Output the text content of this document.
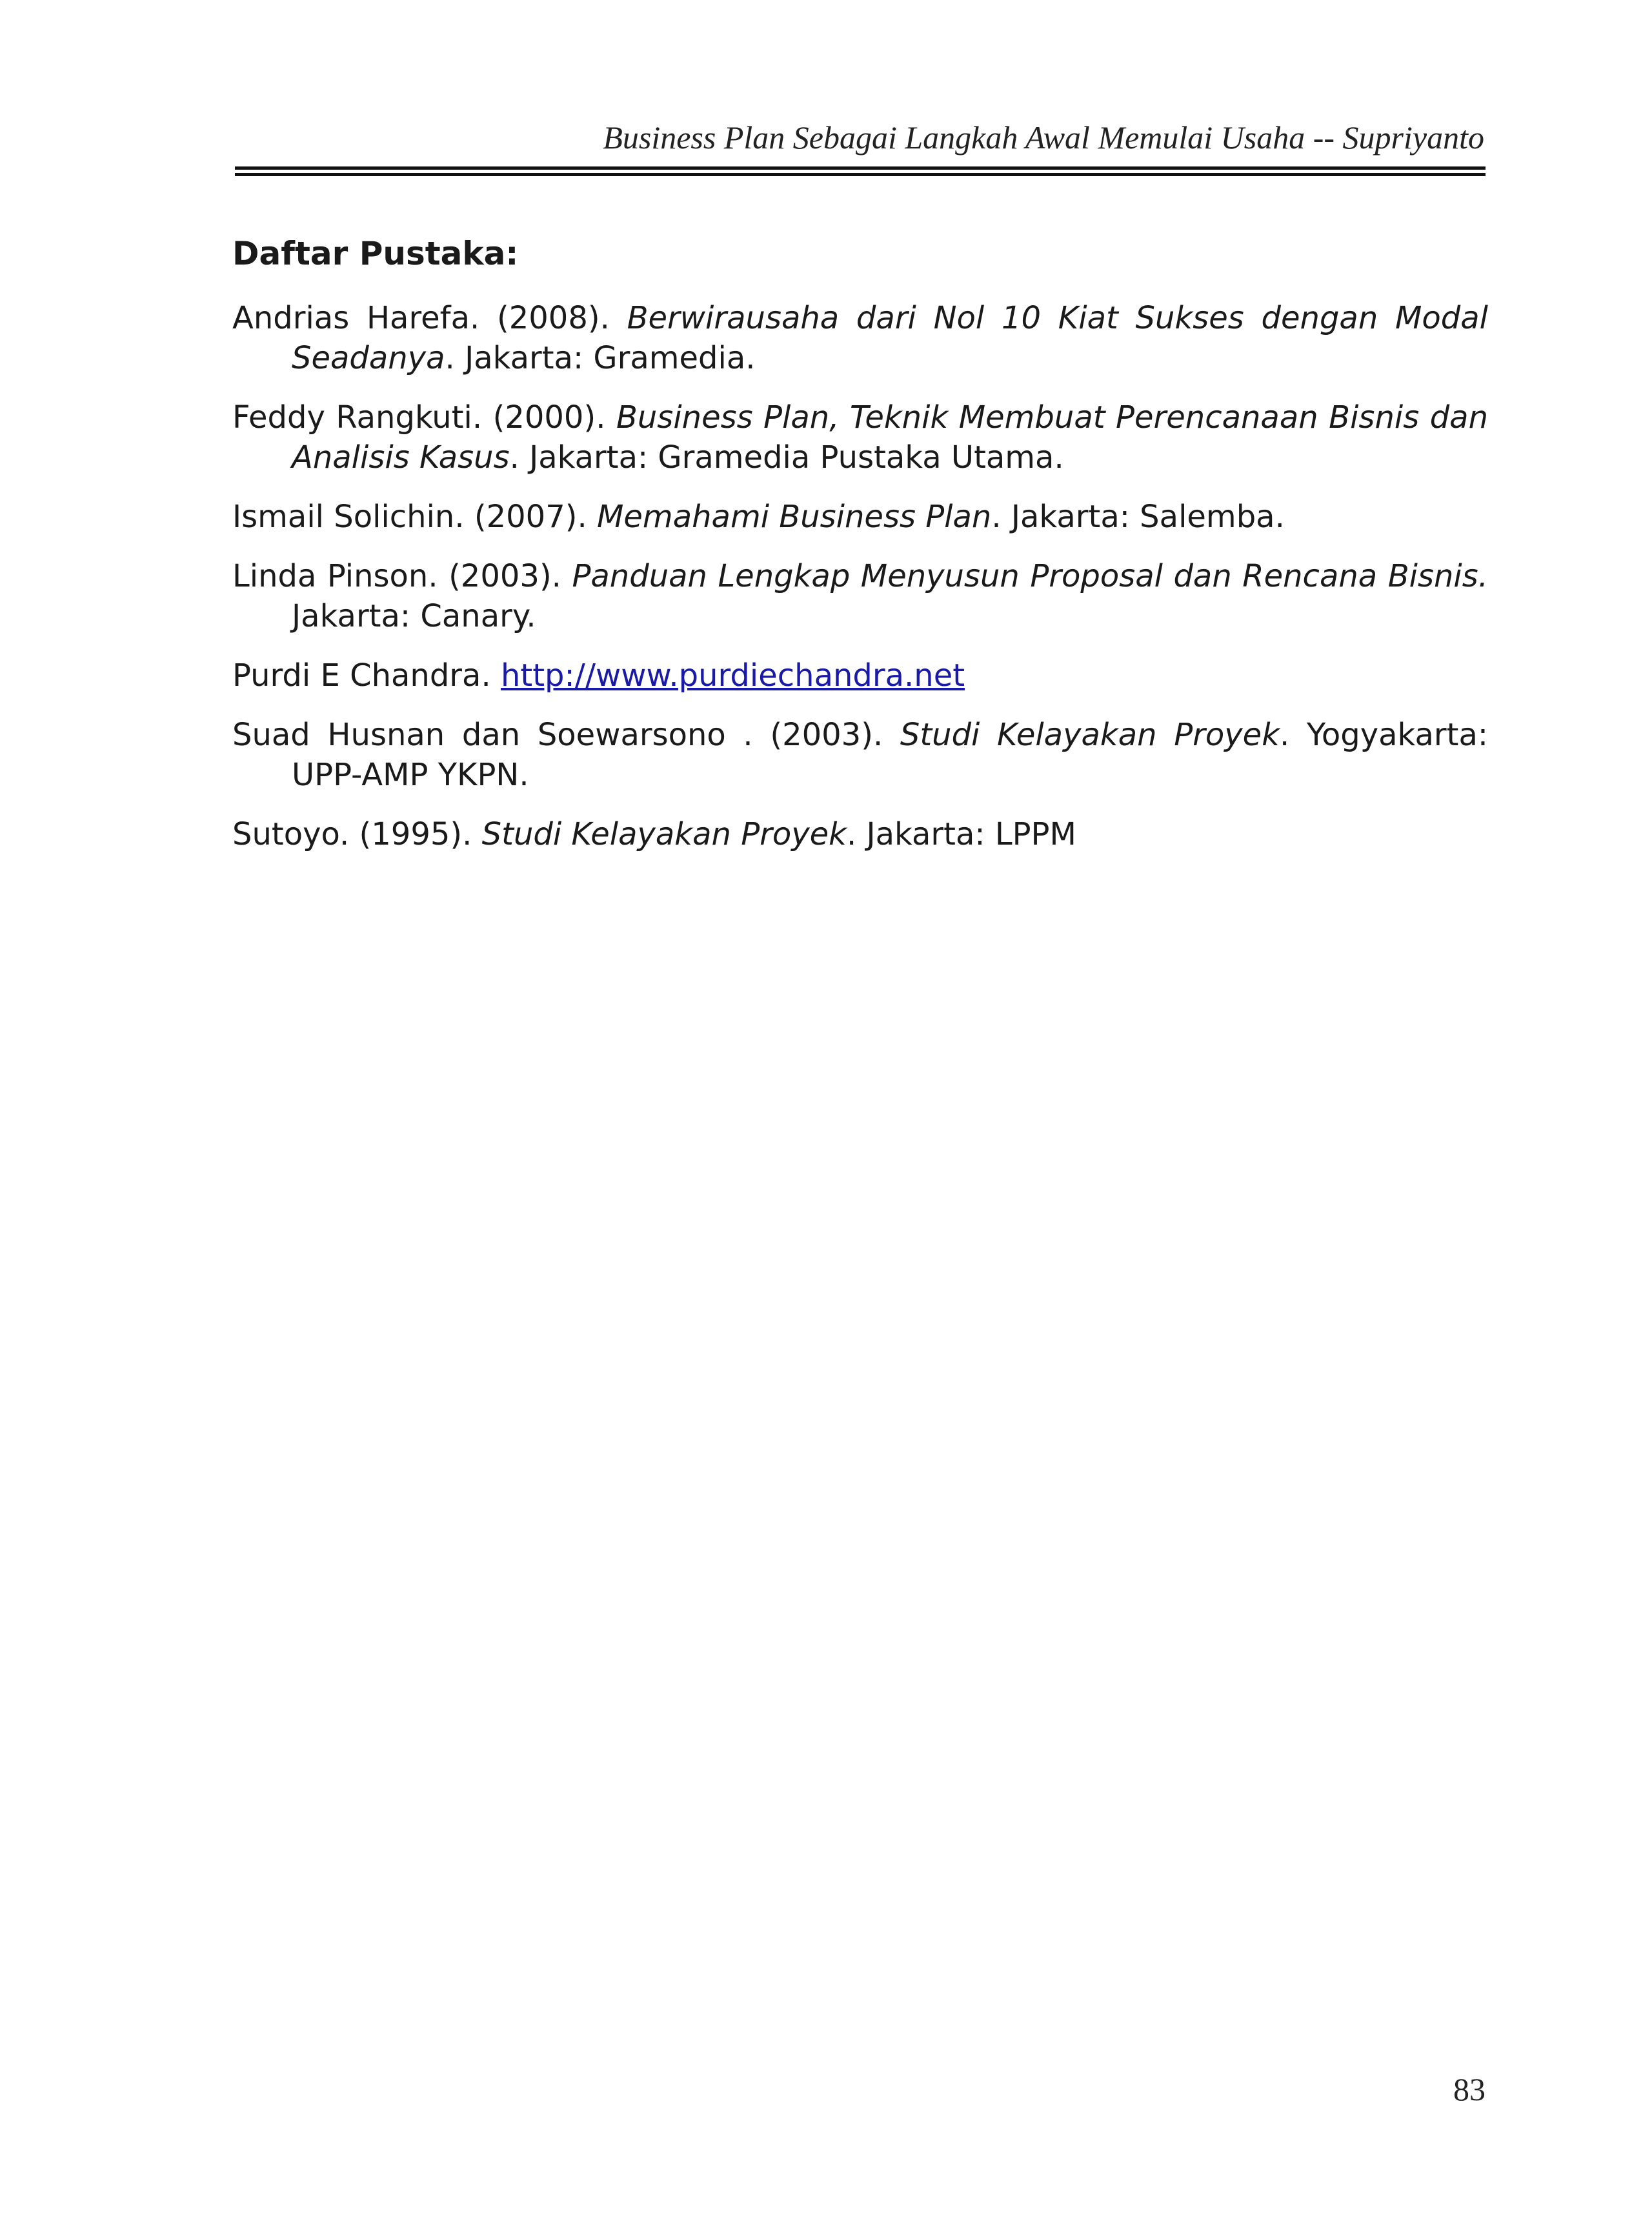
Business Plan Sebagai Langkah Awal Memulai Usaha -- Supriyanto
Daftar Pustaka:

Andrias Harefa. (2008). Berwirausaha dari Nol 10 Kiat Sukses dengan Modal Seadanya. Jakarta: Gramedia.

Feddy Rangkuti. (2000). Business Plan, Teknik Membuat Perencanaan Bisnis dan Analisis Kasus. Jakarta: Gramedia Pustaka Utama.

Ismail Solichin. (2007). Memahami Business Plan. Jakarta: Salemba.

Linda Pinson. (2003). Panduan Lengkap Menyusun Proposal dan Rencana Bisnis. Jakarta: Canary.

Purdi E Chandra. http://www.purdiechandra.net

Suad Husnan dan Soewarsono . (2003). Studi Kelayakan Proyek. Yogyakarta: UPP-AMP YKPN.

Sutoyo. (1995). Studi Kelayakan Proyek. Jakarta: LPPM

83
